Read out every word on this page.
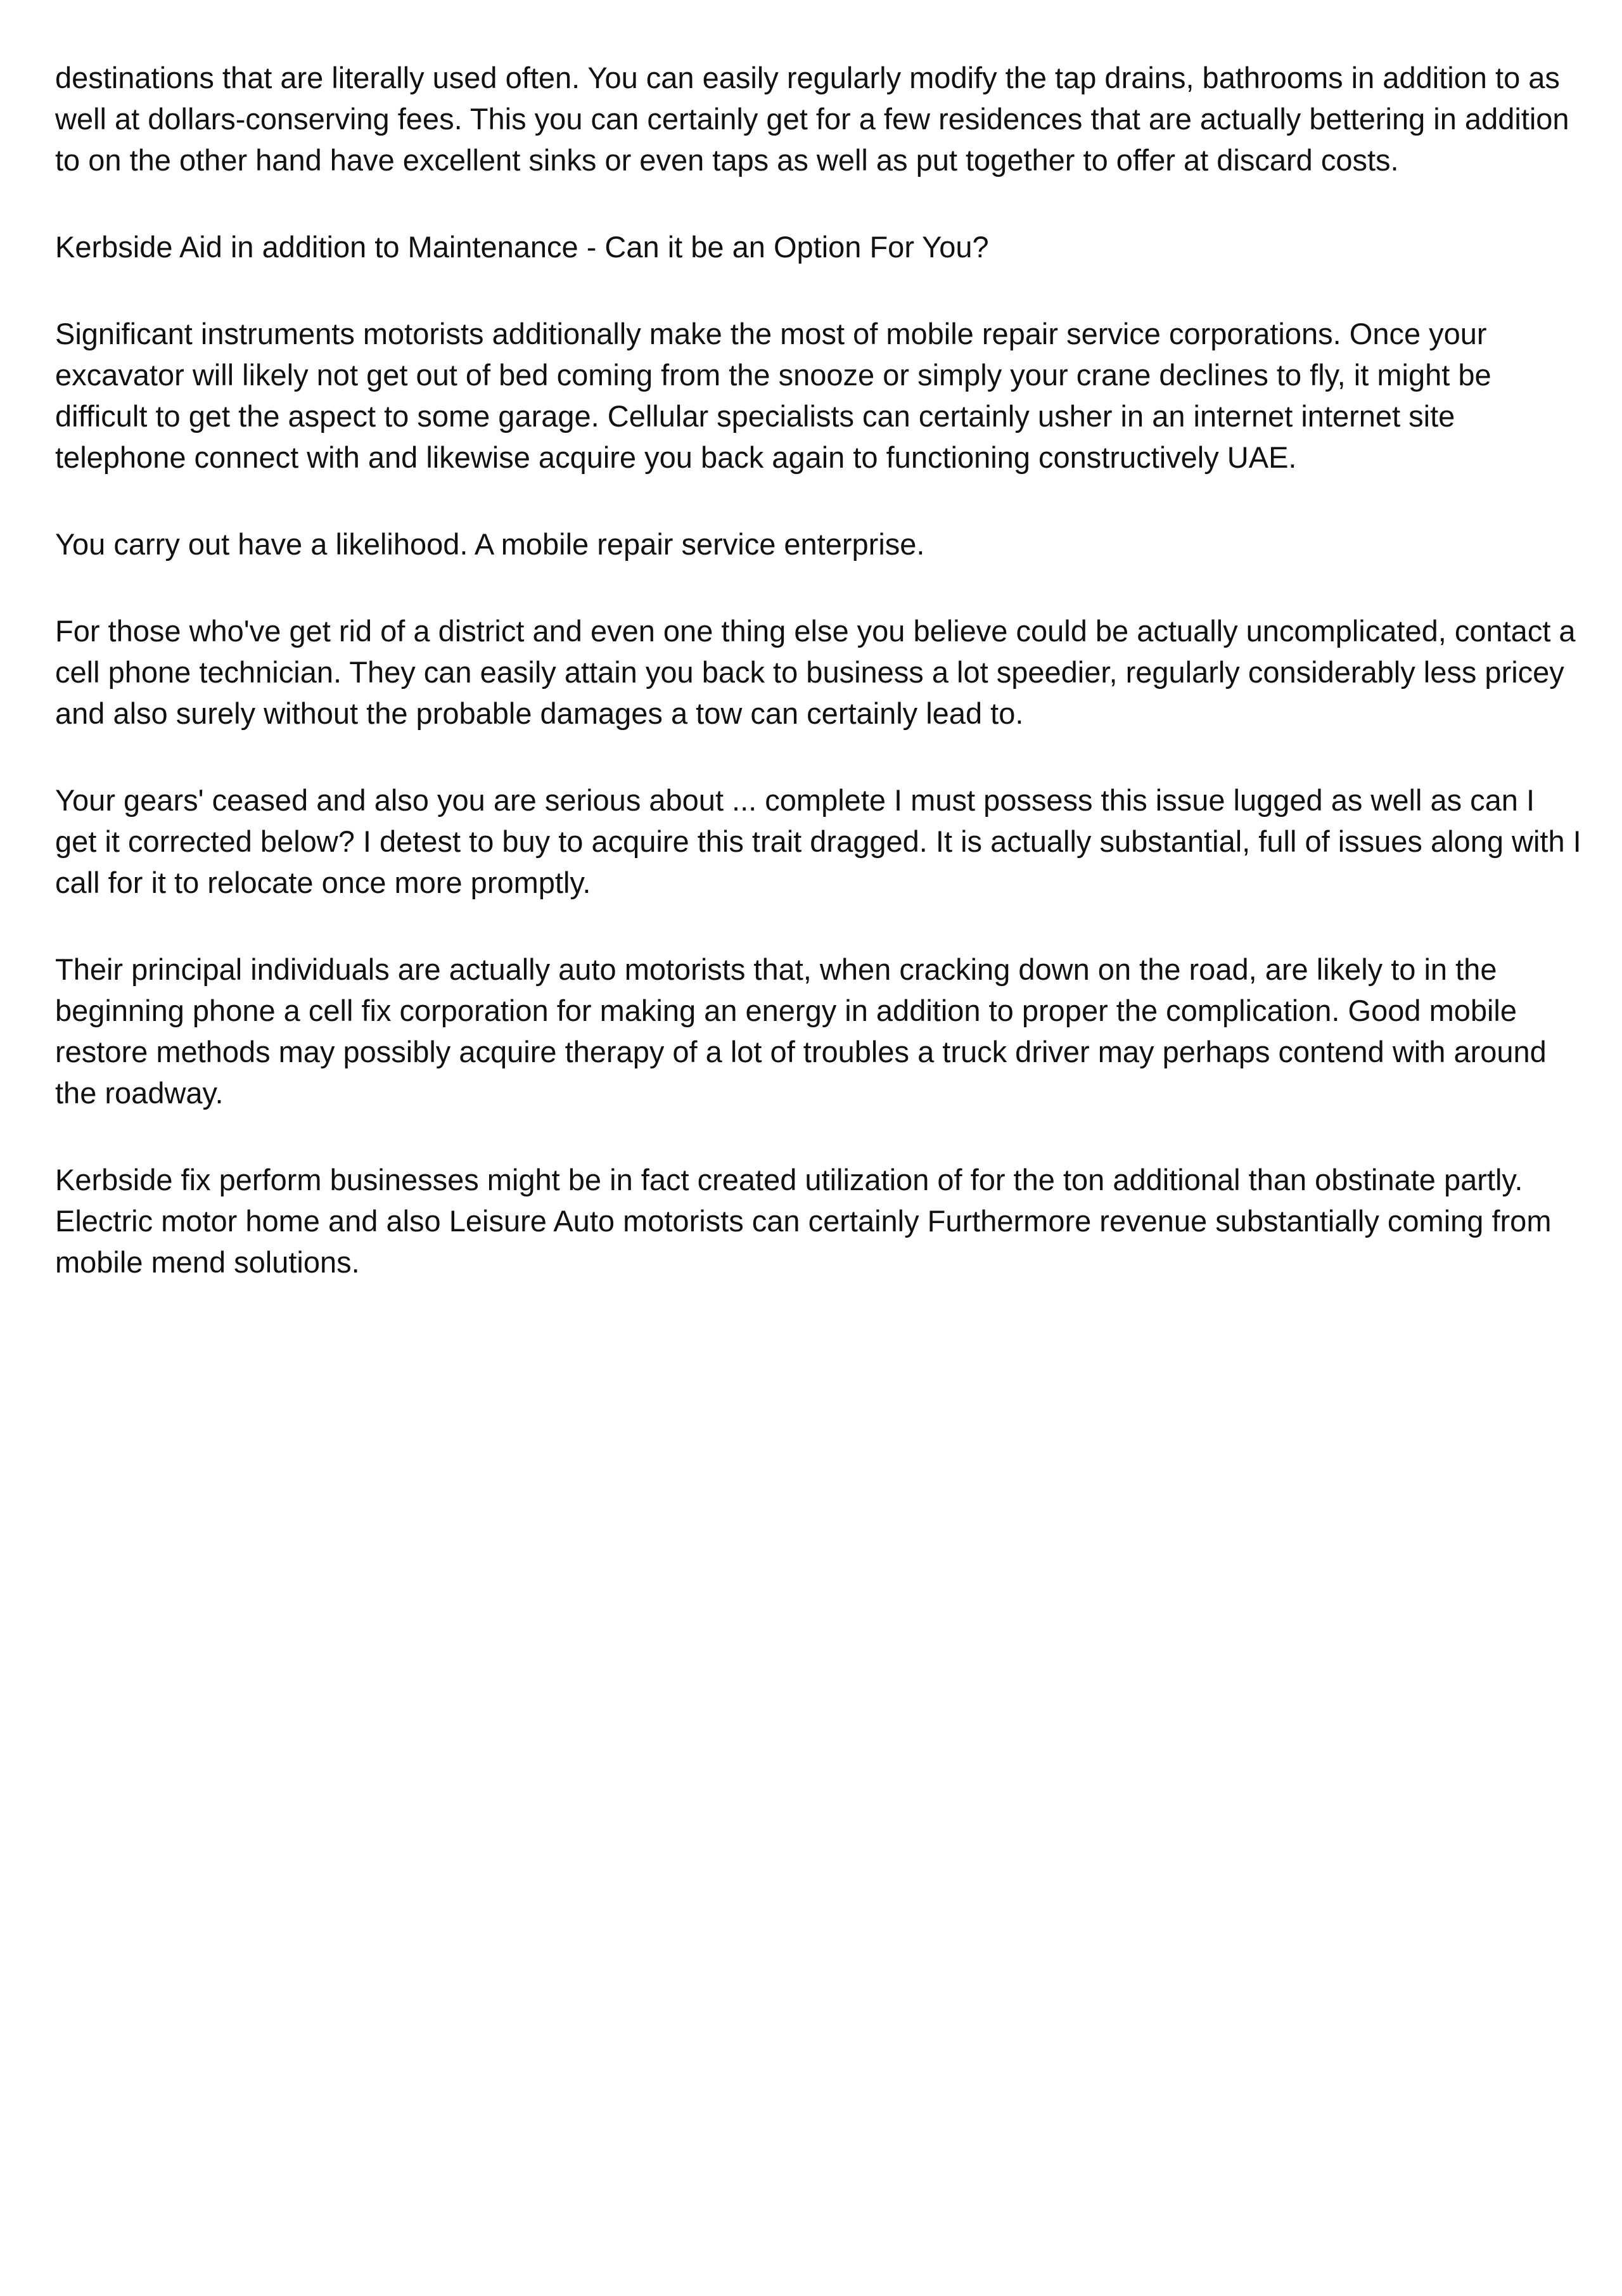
destinations that are literally used often. You can easily regularly modify the tap drains, bathrooms in addition to as well at dollars-conserving fees. This you can certainly get for a few residences that are actually bettering in addition to on the other hand have excellent sinks or even taps as well as put together to offer at discard costs.

Kerbside Aid in addition to Maintenance - Can it be an Option For You?

Significant instruments motorists additionally make the most of mobile repair service corporations. Once your excavator will likely not get out of bed coming from the snooze or simply your crane declines to fly, it might be difficult to get the aspect to some garage. Cellular specialists can certainly usher in an internet internet site telephone connect with and likewise acquire you back again to functioning constructively UAE.

You carry out have a likelihood. A mobile repair service enterprise.

For those who've get rid of a district and even one thing else you believe could be actually uncomplicated, contact a cell phone technician. They can easily attain you back to business a lot speedier, regularly considerably less pricey and also surely without the probable damages a tow can certainly lead to.

Your gears' ceased and also you are serious about ... complete I must possess this issue lugged as well as can I get it corrected below? I detest to buy to acquire this trait dragged. It is actually substantial, full of issues along with I call for it to relocate once more promptly.

Their principal individuals are actually auto motorists that, when cracking down on the road, are likely to in the beginning phone a cell fix corporation for making an energy in addition to proper the complication. Good mobile restore methods may possibly acquire therapy of a lot of troubles a truck driver may perhaps contend with around the roadway.

Kerbside fix perform businesses might be in fact created utilization of for the ton additional than obstinate partly. Electric motor home and also Leisure Auto motorists can certainly Furthermore revenue substantially coming from mobile mend solutions.
